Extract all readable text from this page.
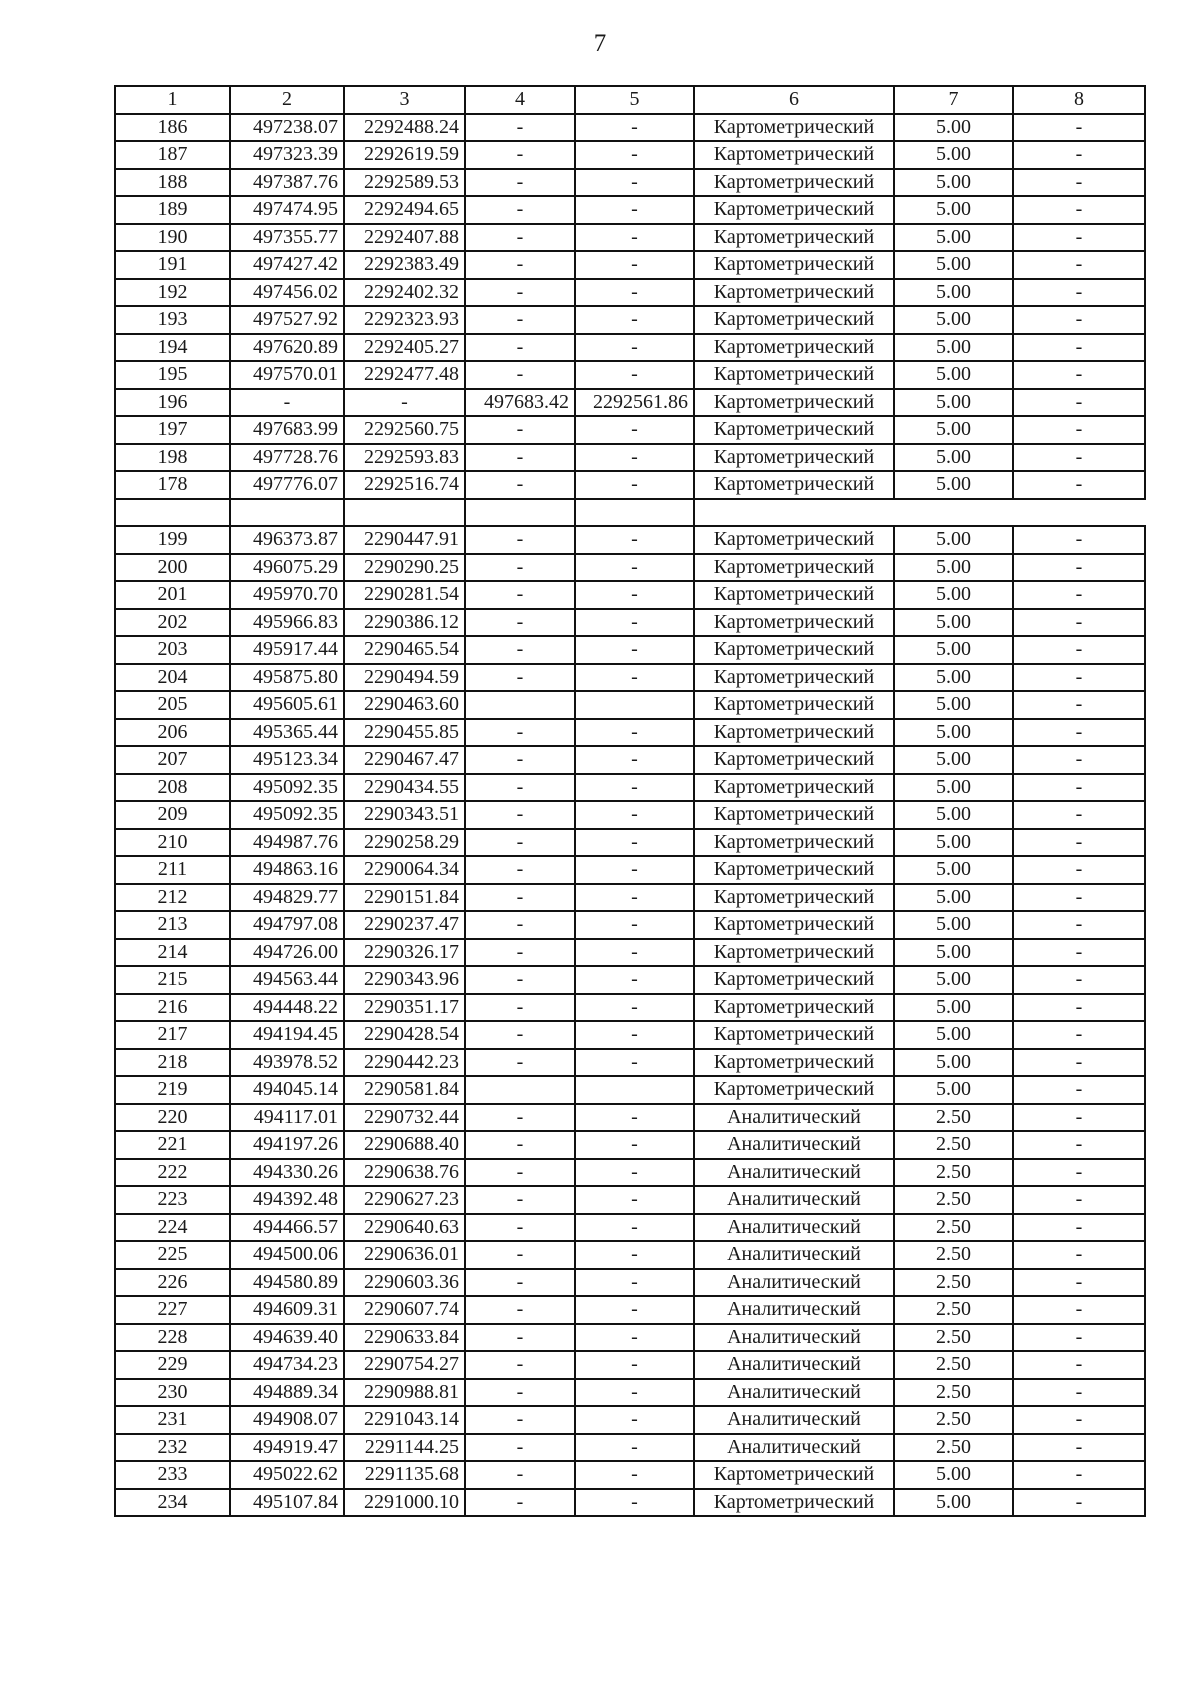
7
1	2	3	4	5	6	7	8
186	497238.07	2292488.24	-	-	Картометрический	5.00	-
187	497323.39	2292619.59	-	-	Картометрический	5.00	-
188	497387.76	2292589.53	-	-	Картометрический	5.00	-
189	497474.95	2292494.65	-	-	Картометрический	5.00	-
190	497355.77	2292407.88	-	-	Картометрический	5.00	-
191	497427.42	2292383.49	-	-	Картометрический	5.00	-
192	497456.02	2292402.32	-	-	Картометрический	5.00	-
193	497527.92	2292323.93	-	-	Картометрический	5.00	-
194	497620.89	2292405.27	-	-	Картометрический	5.00	-
195	497570.01	2292477.48	-	-	Картометрический	5.00	-
196	-	-	497683.42	2292561.86	Картометрический	5.00	-
197	497683.99	2292560.75	-	-	Картометрический	5.00	-
198	497728.76	2292593.83	-	-	Картометрический	5.00	-
178	497776.07	2292516.74	-	-	Картометрический	5.00	-

199	496373.87	2290447.91	-	-	Картометрический	5.00	-
200	496075.29	2290290.25	-	-	Картометрический	5.00	-
201	495970.70	2290281.54	-	-	Картометрический	5.00	-
202	495966.83	2290386.12	-	-	Картометрический	5.00	-
203	495917.44	2290465.54	-	-	Картометрический	5.00	-
204	495875.80	2290494.59	-	-	Картометрический	5.00	-
205	495605.61	2290463.60			Картометрический	5.00	-
206	495365.44	2290455.85	-	-	Картометрический	5.00	-
207	495123.34	2290467.47	-	-	Картометрический	5.00	-
208	495092.35	2290434.55	-	-	Картометрический	5.00	-
209	495092.35	2290343.51	-	-	Картометрический	5.00	-
210	494987.76	2290258.29	-	-	Картометрический	5.00	-
211	494863.16	2290064.34	-	-	Картометрический	5.00	-
212	494829.77	2290151.84	-	-	Картометрический	5.00	-
213	494797.08	2290237.47	-	-	Картометрический	5.00	-
214	494726.00	2290326.17	-	-	Картометрический	5.00	-
215	494563.44	2290343.96	-	-	Картометрический	5.00	-
216	494448.22	2290351.17	-	-	Картометрический	5.00	-
217	494194.45	2290428.54	-	-	Картометрический	5.00	-
218	493978.52	2290442.23	-	-	Картометрический	5.00	-
219	494045.14	2290581.84			Картометрический	5.00	-
220	494117.01	2290732.44	-	-	Аналитический	2.50	-
221	494197.26	2290688.40	-	-	Аналитический	2.50	-
222	494330.26	2290638.76	-	-	Аналитический	2.50	-
223	494392.48	2290627.23	-	-	Аналитический	2.50	-
224	494466.57	2290640.63	-	-	Аналитический	2.50	-
225	494500.06	2290636.01	-	-	Аналитический	2.50	-
226	494580.89	2290603.36	-	-	Аналитический	2.50	-
227	494609.31	2290607.74	-	-	Аналитический	2.50	-
228	494639.40	2290633.84	-	-	Аналитический	2.50	-
229	494734.23	2290754.27	-	-	Аналитический	2.50	-
230	494889.34	2290988.81	-	-	Аналитический	2.50	-
231	494908.07	2291043.14	-	-	Аналитический	2.50	-
232	494919.47	2291144.25	-	-	Аналитический	2.50	-
233	495022.62	2291135.68	-	-	Картометрический	5.00	-
234	495107.84	2291000.10	-	-	Картометрический	5.00	-
